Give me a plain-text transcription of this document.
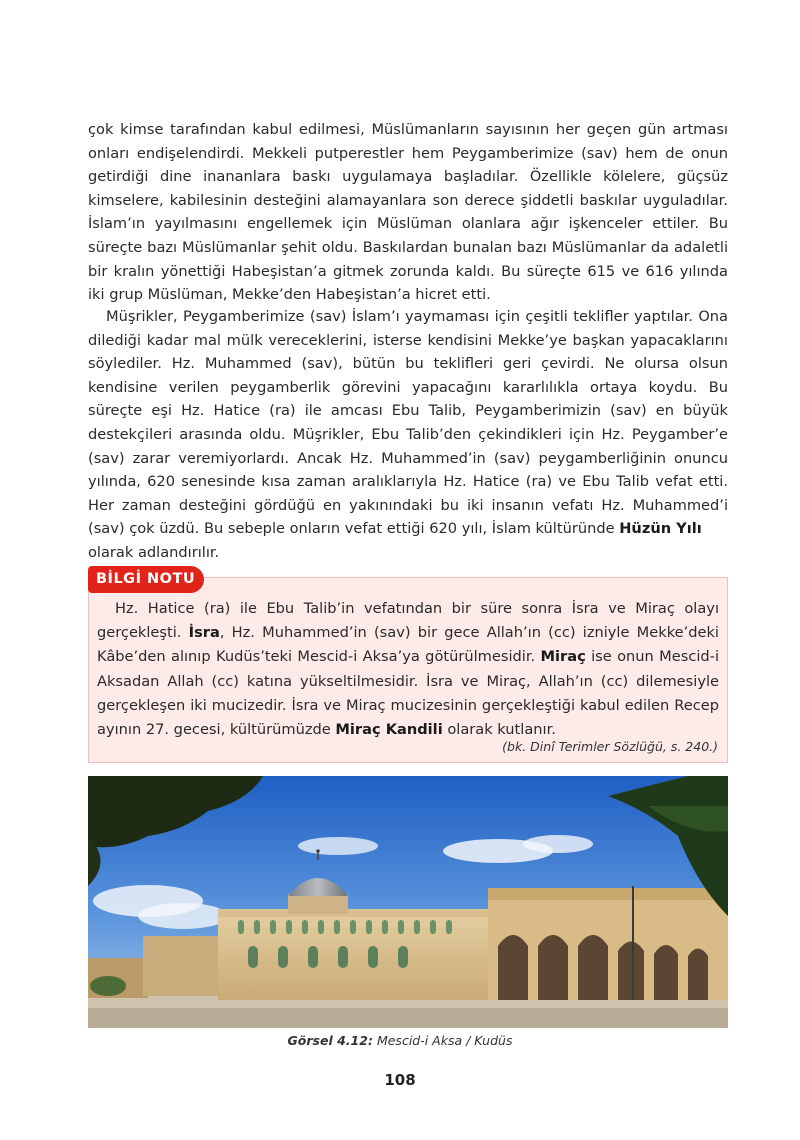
çok kimse tarafından kabul edilmesi, Müslümanların sayısının her geçen gün artması onları endişelendirdi. Mekkeli putperestler hem Peygamberimize (sav) hem de onun getirdiği dine inananlara baskı uygulamaya başladılar. Özellikle kölelere, güçsüz kimselere, kabilesinin desteğini alamayanlara son derece şiddetli baskılar uyguladılar. İslam’ın yayılmasını engellemek için Müslüman olanlara ağır işkenceler ettiler. Bu süreçte bazı Müslümanlar şehit oldu. Baskılardan bunalan bazı Müslümanlar da adaletli bir kralın yönettiği Habeşistan’a gitmek zorunda kaldı. Bu süreçte 615 ve 616 yılında iki grup Müslüman, Mekke’den Habeşistan’a hicret etti.

Müşrikler, Peygamberimize (sav) İslam’ı yaymaması için çeşitli teklifler yaptılar. Ona dilediği kadar mal mülk vereceklerini, isterse kendisini Mekke’ye başkan yapacaklarını söylediler. Hz. Muhammed (sav), bütün bu teklifleri geri çevirdi. Ne olursa olsun kendisine verilen peygamberlik görevini yapacağını kararlılıkla ortaya koydu. Bu süreçte eşi Hz. Hatice (ra) ile amcası Ebu Talib, Peygamberimizin (sav) en büyük destekçileri arasında oldu. Müşrikler, Ebu Talib’den çekindikleri için Hz. Peygamber’e (sav) zarar veremiyorlardı. Ancak Hz. Muhammed’in (sav) peygamberliğinin onuncu yılında, 620 senesinde kısa zaman aralıklarıyla Hz. Hatice (ra) ve Ebu Talib vefat etti. Her zaman desteğini gördüğü en yakınındaki bu iki insanın vefatı Hz. Muhammed’i (sav) çok üzdü. Bu sebeple onların vefat ettiği 620 yılı, İslam kültüründe Hüzün Yılı
olarak adlandırılır.

BİLGİ NOTU

Hz. Hatice (ra) ile Ebu Talib’in vefatından bir süre sonra İsra ve Miraç olayı gerçekleşti. İsra, Hz. Muhammed’in (sav) bir gece Allah’ın (cc) izniyle Mekke’deki Kâbe’den alınıp Kudüs’teki Mescid-i Aksa’ya götürülmesidir. Miraç ise onun Mescid-i Aksadan Allah (cc) katına yükseltilmesidir. İsra ve Miraç, Allah’ın (cc) dilemesiyle gerçekleşen iki mucizedir. İsra ve Miraç mucizesinin gerçekleştiği kabul edilen Recep ayının 27. gecesi, kültürümüzde Miraç Kandili olarak kutlanır.

(bk. Dinî Terimler Sözlüğü, s. 240.)
Görsel 4.12: Mescid-i Aksa / Kudüs
108
